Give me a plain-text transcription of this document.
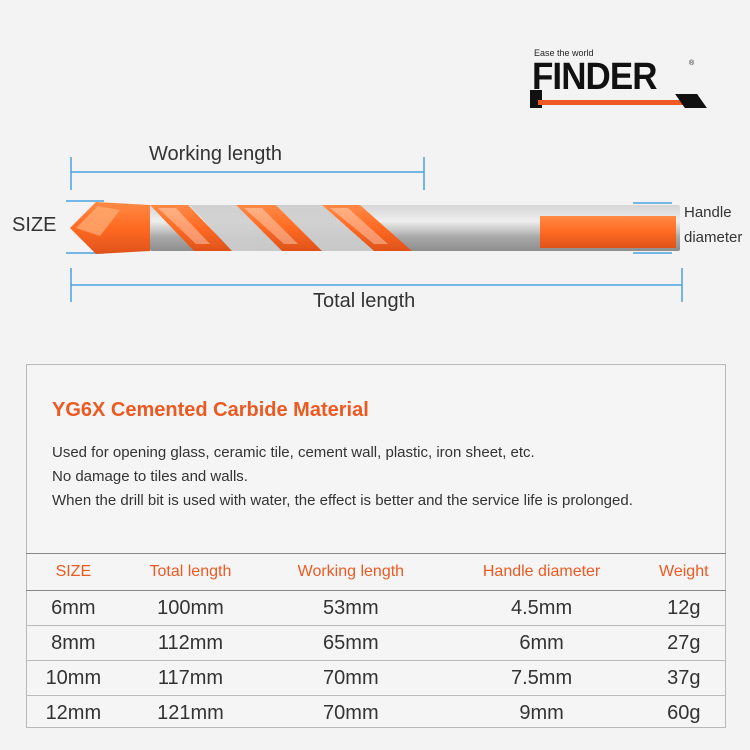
Ease the world
FINDER	®
Working length
SIZE
Total length
Handle
diameter
YG6X Cemented Carbide Material
Used for opening glass, ceramic tile, cement wall, plastic, iron sheet, etc.
No damage to tiles and walls.
When the drill bit is used with water, the effect is better and the service life is prolonged.
SIZE	Total length	Working length	Handle diameter	Weight
6mm	100mm	53mm	4.5mm	12g
8mm	112mm	65mm	6mm	27g
10mm	117mm	70mm	7.5mm	37g
12mm	121mm	70mm	9mm	60g
